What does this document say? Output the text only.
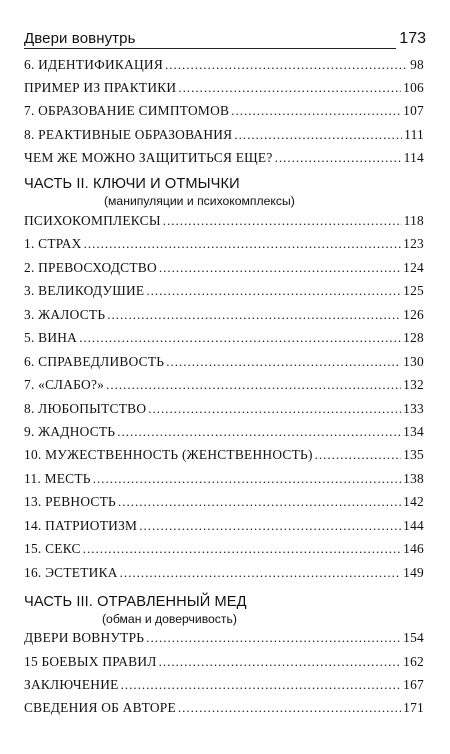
Двери вовнутрь	173
6. ИДЕНТИФИКАЦИЯ .....	98
ПРИМЕР ИЗ ПРАКТИКИ .....	106
7. ОБРАЗОВАНИЕ СИМПТОМОВ .....	107
8. РЕАКТИВНЫЕ ОБРАЗОВАНИЯ .....	111
ЧЕМ ЖЕ МОЖНО ЗАЩИТИТЬСЯ ЕЩЕ? .....	114
ЧАСТЬ II. КЛЮЧИ И ОТМЫЧКИ
(манипуляции и психокомплексы)
ПСИХОКОМПЛЕКСЫ .....	118
1. СТРАХ .....	123
2. ПРЕВОСХОДСТВО .....	124
3. ВЕЛИКОДУШИЕ .....	125
3. ЖАЛОСТЬ .....	126
5. ВИНА .....	128
6. СПРАВЕДЛИВОСТЬ .....	130
7. «СЛАБО?» .....	132
8. ЛЮБОПЫТСТВО .....	133
9. ЖАДНОСТЬ .....	134
10. МУЖЕСТВЕННОСТЬ (ЖЕНСТВЕННОСТЬ) .....	135
11. МЕСТЬ .....	138
13. РЕВНОСТЬ .....	142
14. ПАТРИОТИЗМ .....	144
15. СЕКС .....	146
16. ЭСТЕТИКА .....	149
ЧАСТЬ III. ОТРАВЛЕННЫЙ МЕД
(обман и доверчивость)
ДВЕРИ ВОВНУТРЬ .....	154
15 БОЕВЫХ ПРАВИЛ .....	162
ЗАКЛЮЧЕНИЕ .....	167
СВЕДЕНИЯ ОБ АВТОРЕ .....	171
